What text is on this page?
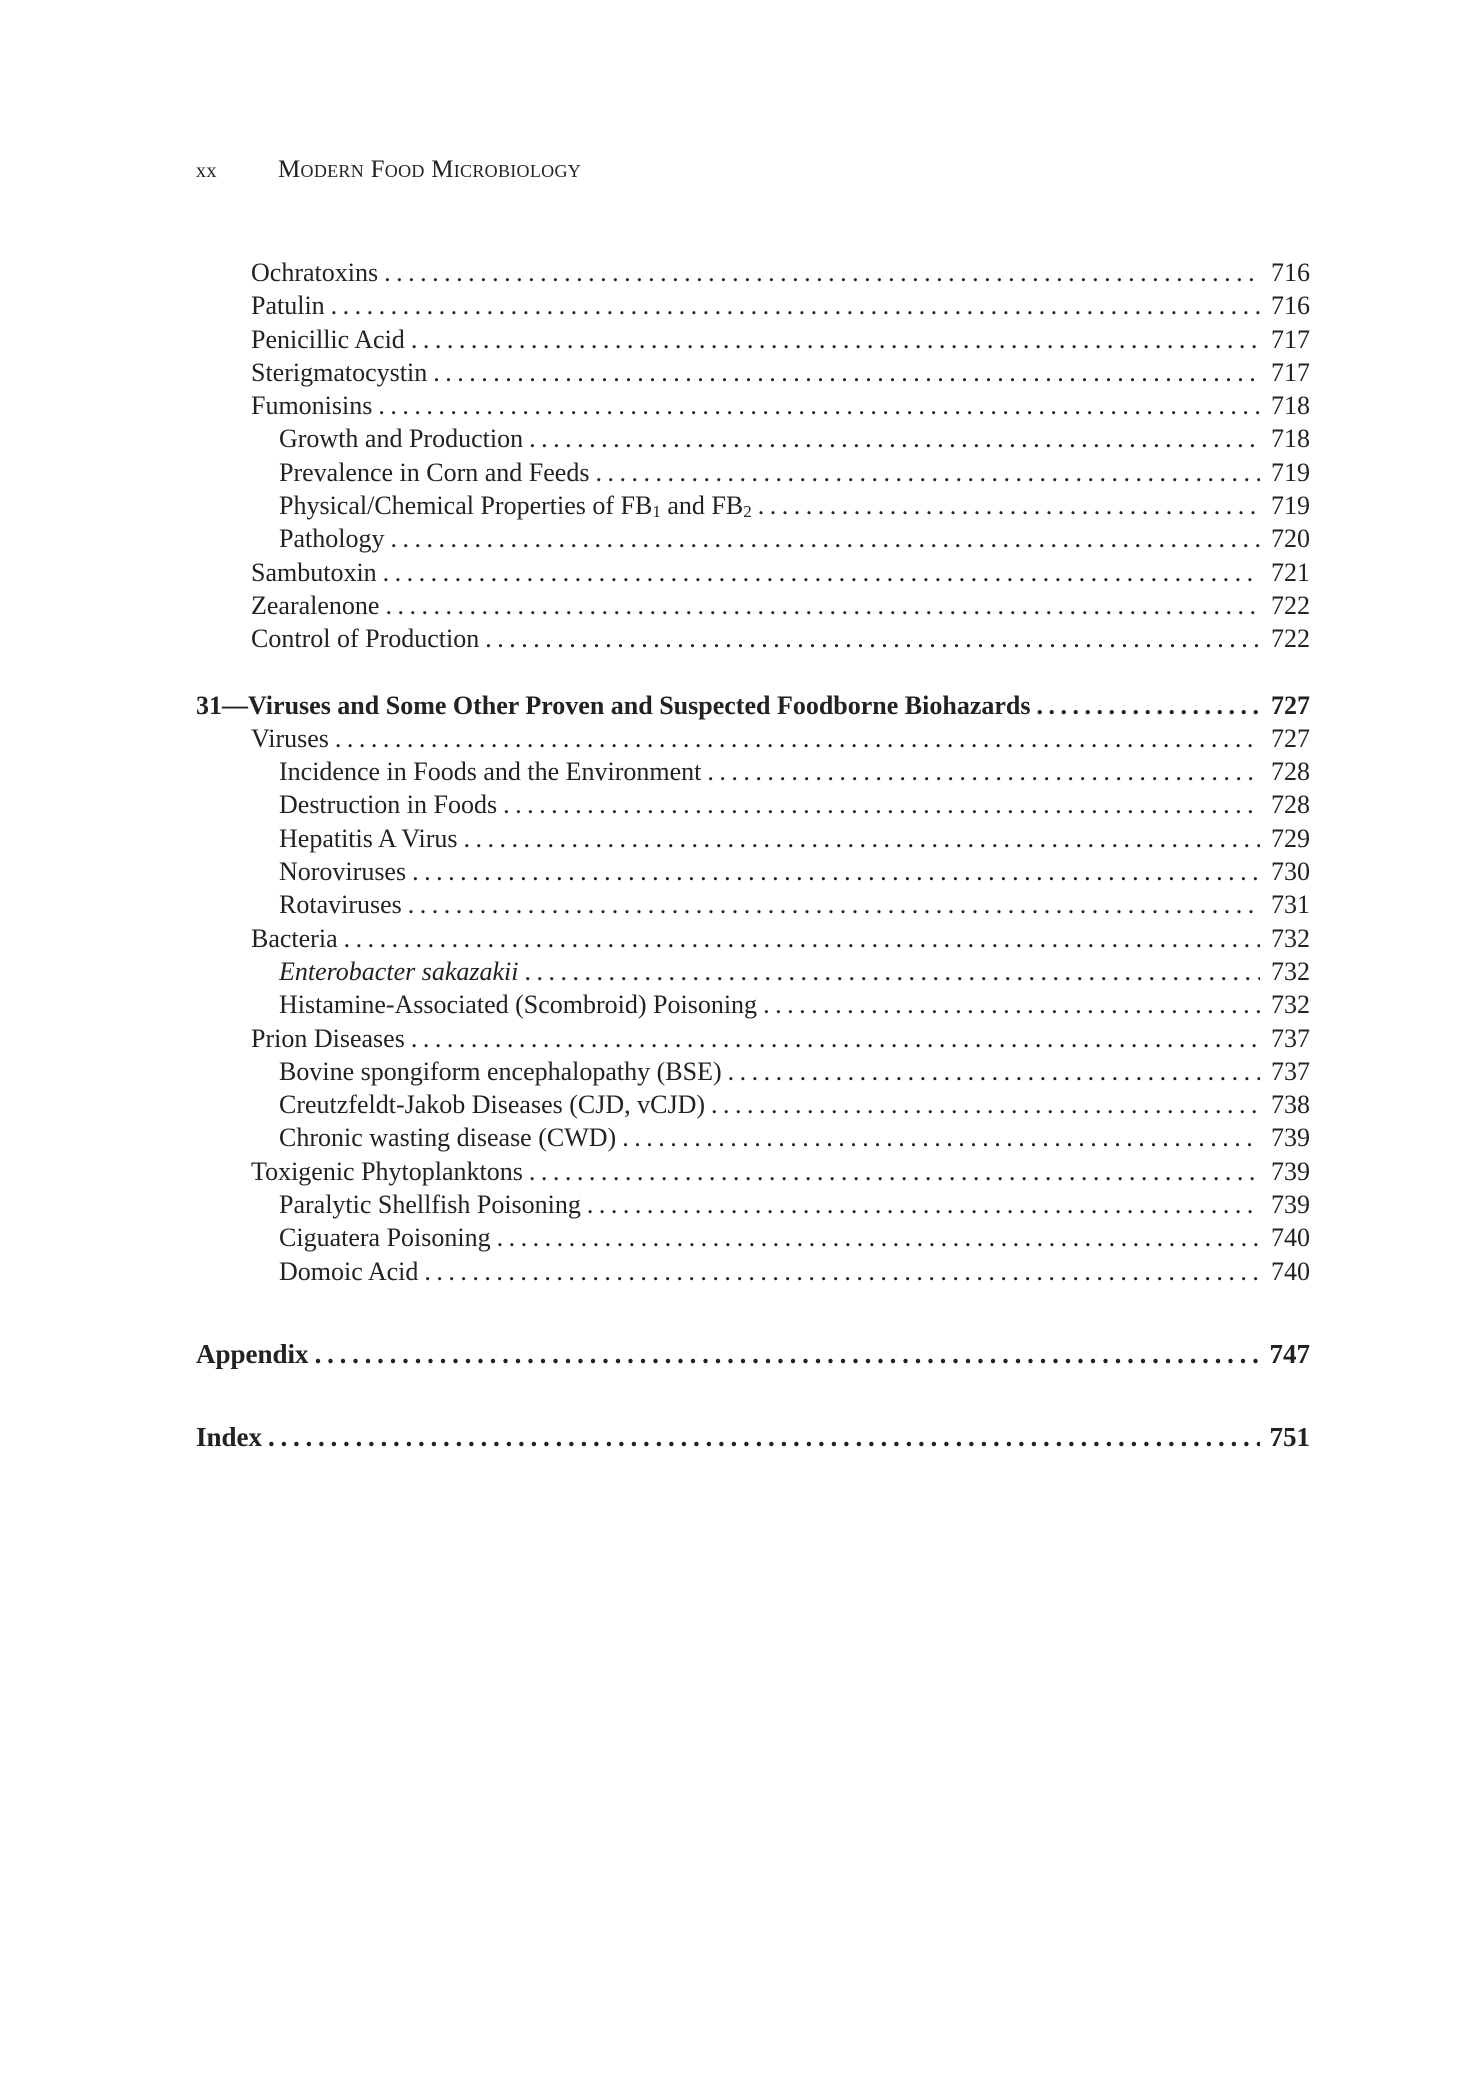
xx Modern Food Microbiology
Ochratoxins . . .	716
Patulin . . .	716
Penicillic Acid . . .	717
Sterigmatocystin . . .	717
Fumonisins . . .	718
Growth and Production . . .	718
Prevalence in Corn and Feeds . . .	719
Physical/Chemical Properties of $FB_1$ and $FB_2$ . . .	719
Pathology . . .	720
Sambutoxin . . .	721
Zearalenone . . .	722
Control of Production . . .	722
31—Viruses and Some Other Proven and Suspected Foodborne Biohazards . . .	727
Viruses . . .	727
Incidence in Foods and the Environment . . .	728
Destruction in Foods . . .	728
Hepatitis A Virus . . .	729
Noroviruses . . .	730
Rotaviruses . . .	731
Bacteria . . .	732
Enterobacter sakazakii . . .	732
Histamine-Associated (Scombroid) Poisoning . . .	732
Prion Diseases . . .	737
Bovine spongiform encephalopathy (BSE) . . .	737
Creutzfeldt-Jakob Diseases (CJD, vCJD) . . .	738
Chronic wasting disease (CWD) . . .	739
Toxigenic Phytoplanktons . . .	739
Paralytic Shellfish Poisoning . . .	739
Ciguatera Poisoning . . .	740
Domoic Acid . . .	740
Appendix . . .	747
Index . . .	751
